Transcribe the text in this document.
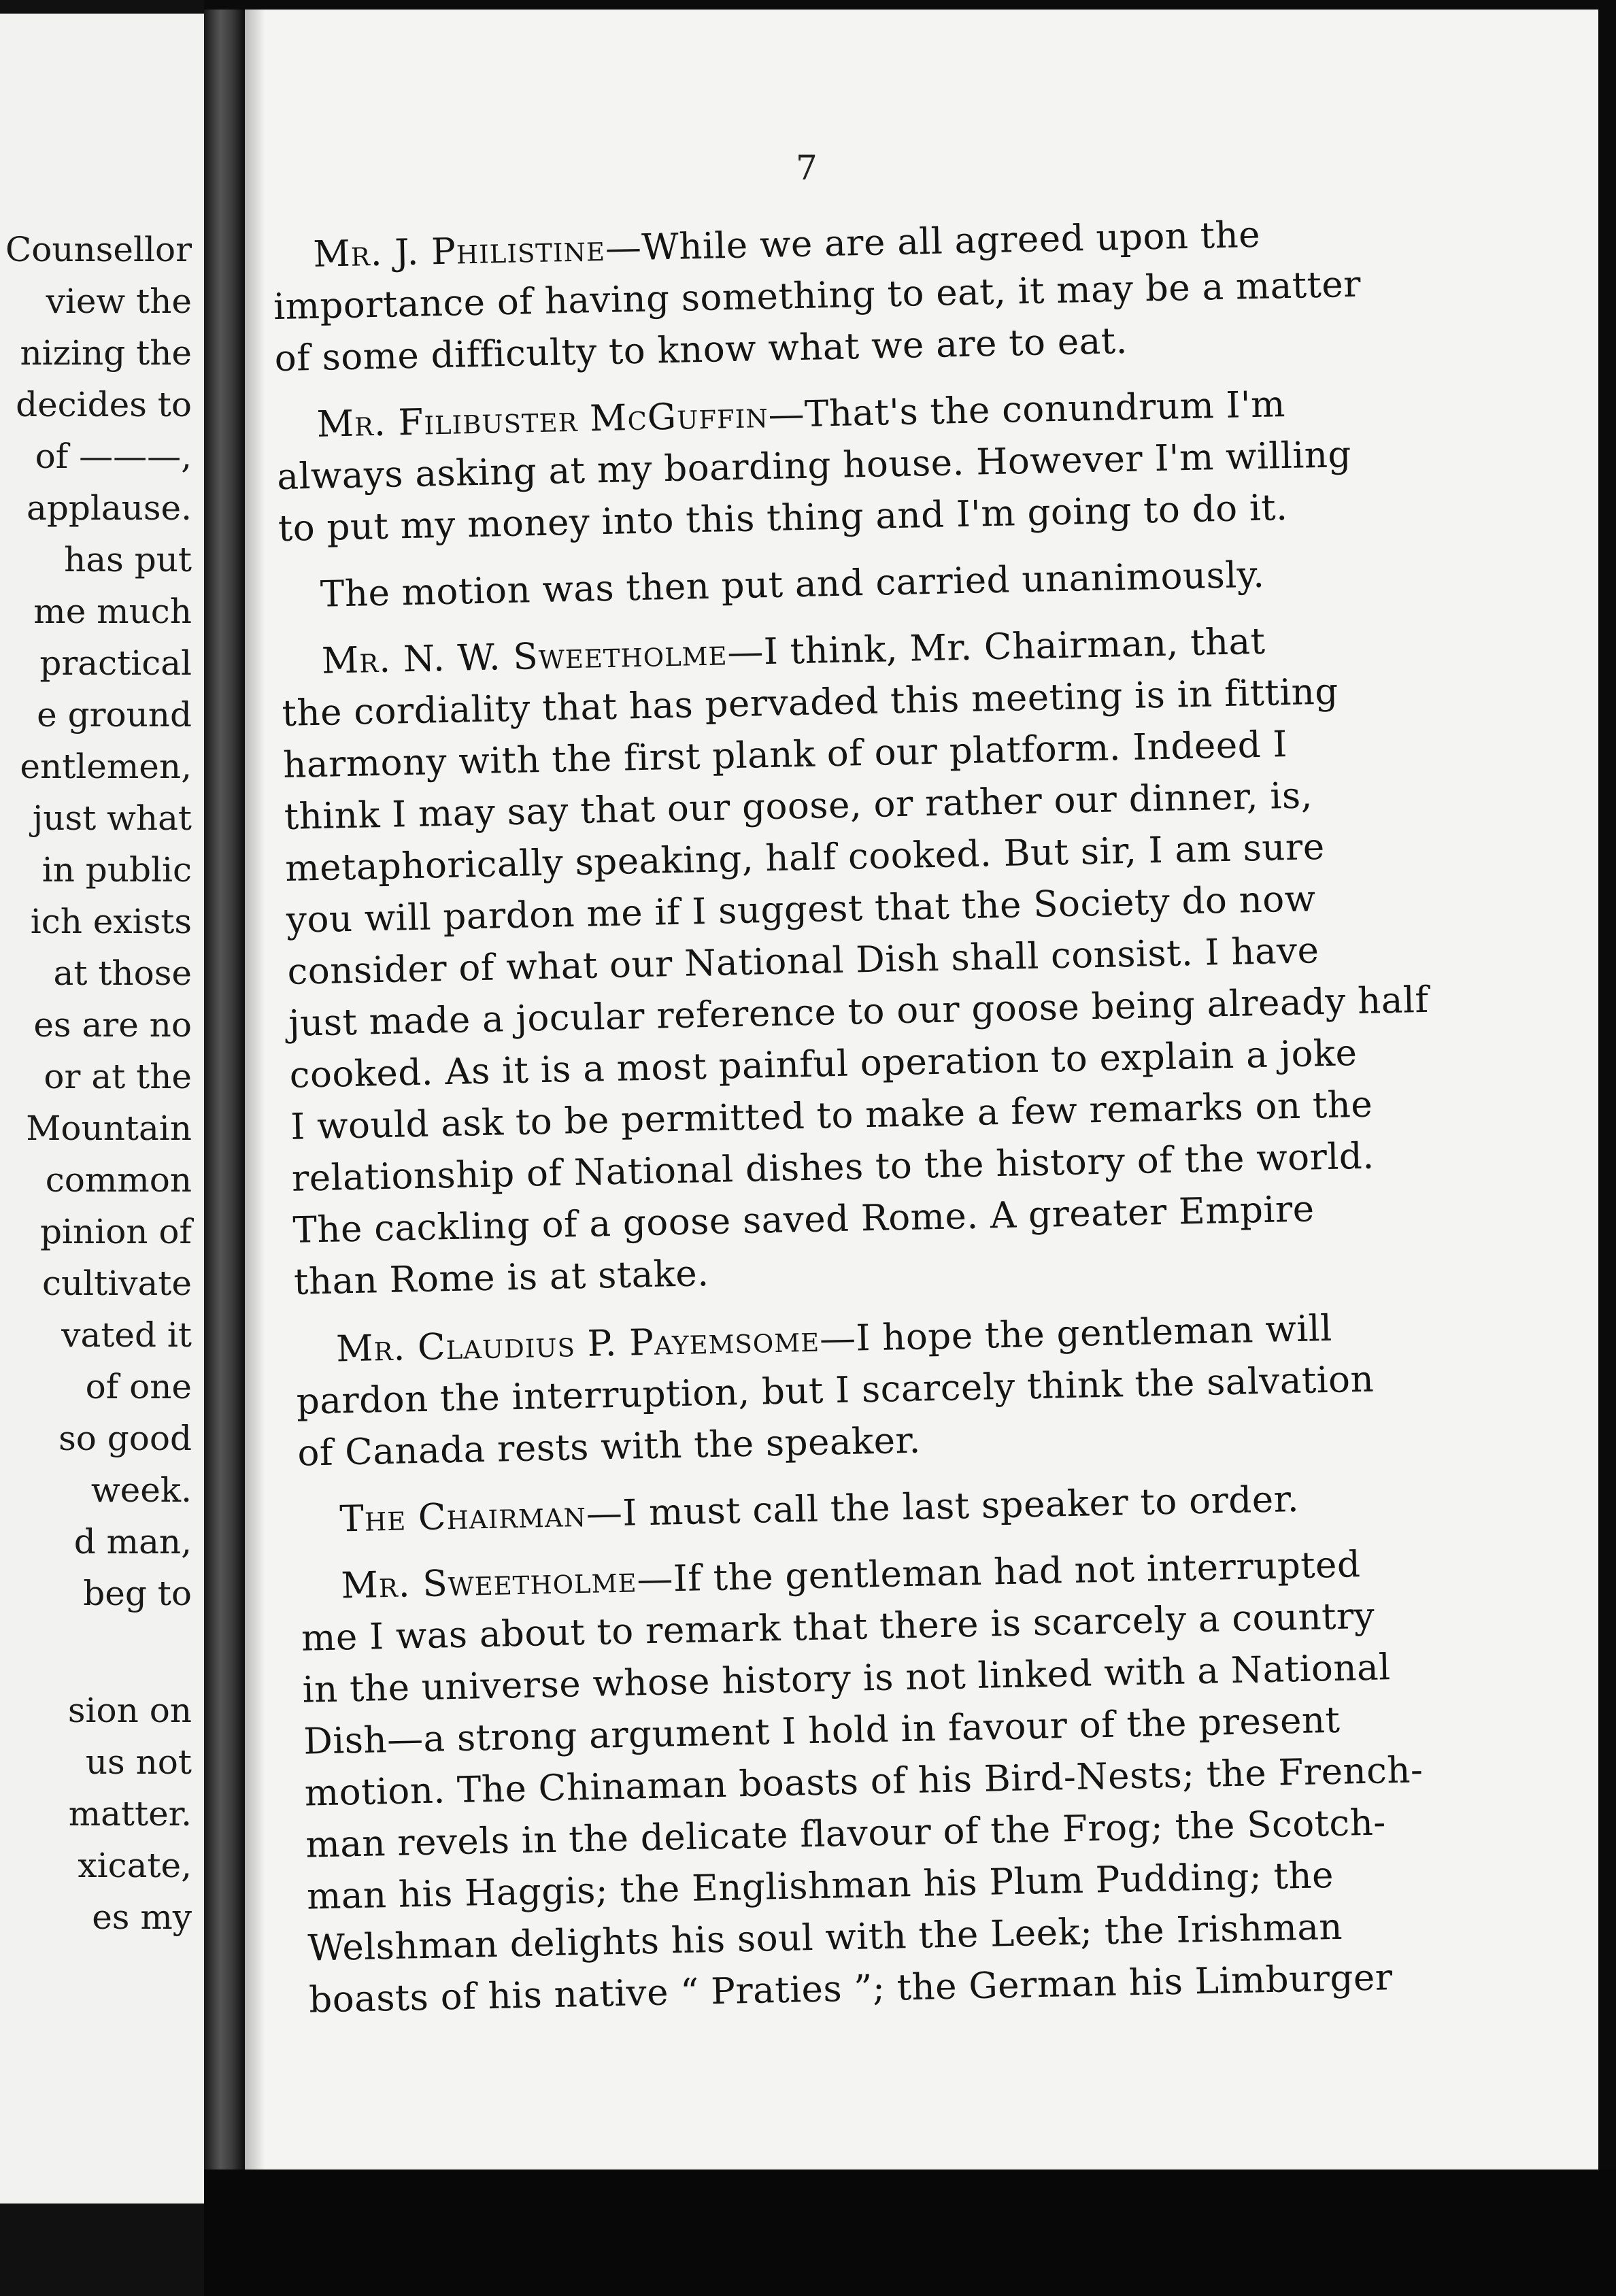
Counsellor
view the
nizing the
decides to
of ———,
applause.
has put
me much
practical
e ground
entlemen,
just what
in public
ich exists
at those
es are no
or at the
Mountain
common
pinion of
cultivate
vated it
of one
so good
week.
d man,
beg to
sion on
us not
matter.
xicate,
es my
7
Mr. J. Philistine—While we are all agreed upon the
importance of having something to eat, it may be a matter
of some difficulty to know what we are to eat.
Mr. Filibuster McGuffin—That's the conundrum I'm
always asking at my boarding house. However I'm willing
to put my money into this thing and I'm going to do it.
The motion was then put and carried unanimously.
Mr. N. W. Sweetholme—I think, Mr. Chairman, that
the cordiality that has pervaded this meeting is in fitting
harmony with the first plank of our platform. Indeed I
think I may say that our goose, or rather our dinner, is,
metaphorically speaking, half cooked. But sir, I am sure
you will pardon me if I suggest that the Society do now
consider of what our National Dish shall consist. I have
just made a jocular reference to our goose being already half
cooked. As it is a most painful operation to explain a joke
I would ask to be permitted to make a few remarks on the
relationship of National dishes to the history of the world.
The cackling of a goose saved Rome. A greater Empire
than Rome is at stake.
Mr. Claudius P. Payemsome—I hope the gentleman will
pardon the interruption, but I scarcely think the salvation
of Canada rests with the speaker.
The Chairman—I must call the last speaker to order.
Mr. Sweetholme—If the gentleman had not interrupted
me I was about to remark that there is scarcely a country
in the universe whose history is not linked with a National
Dish—a strong argument I hold in favour of the present
motion. The Chinaman boasts of his Bird-Nests; the French-
man revels in the delicate flavour of the Frog; the Scotch-
man his Haggis; the Englishman his Plum Pudding; the
Welshman delights his soul with the Leek; the Irishman
boasts of his native “ Praties ”; the German his Limburger
